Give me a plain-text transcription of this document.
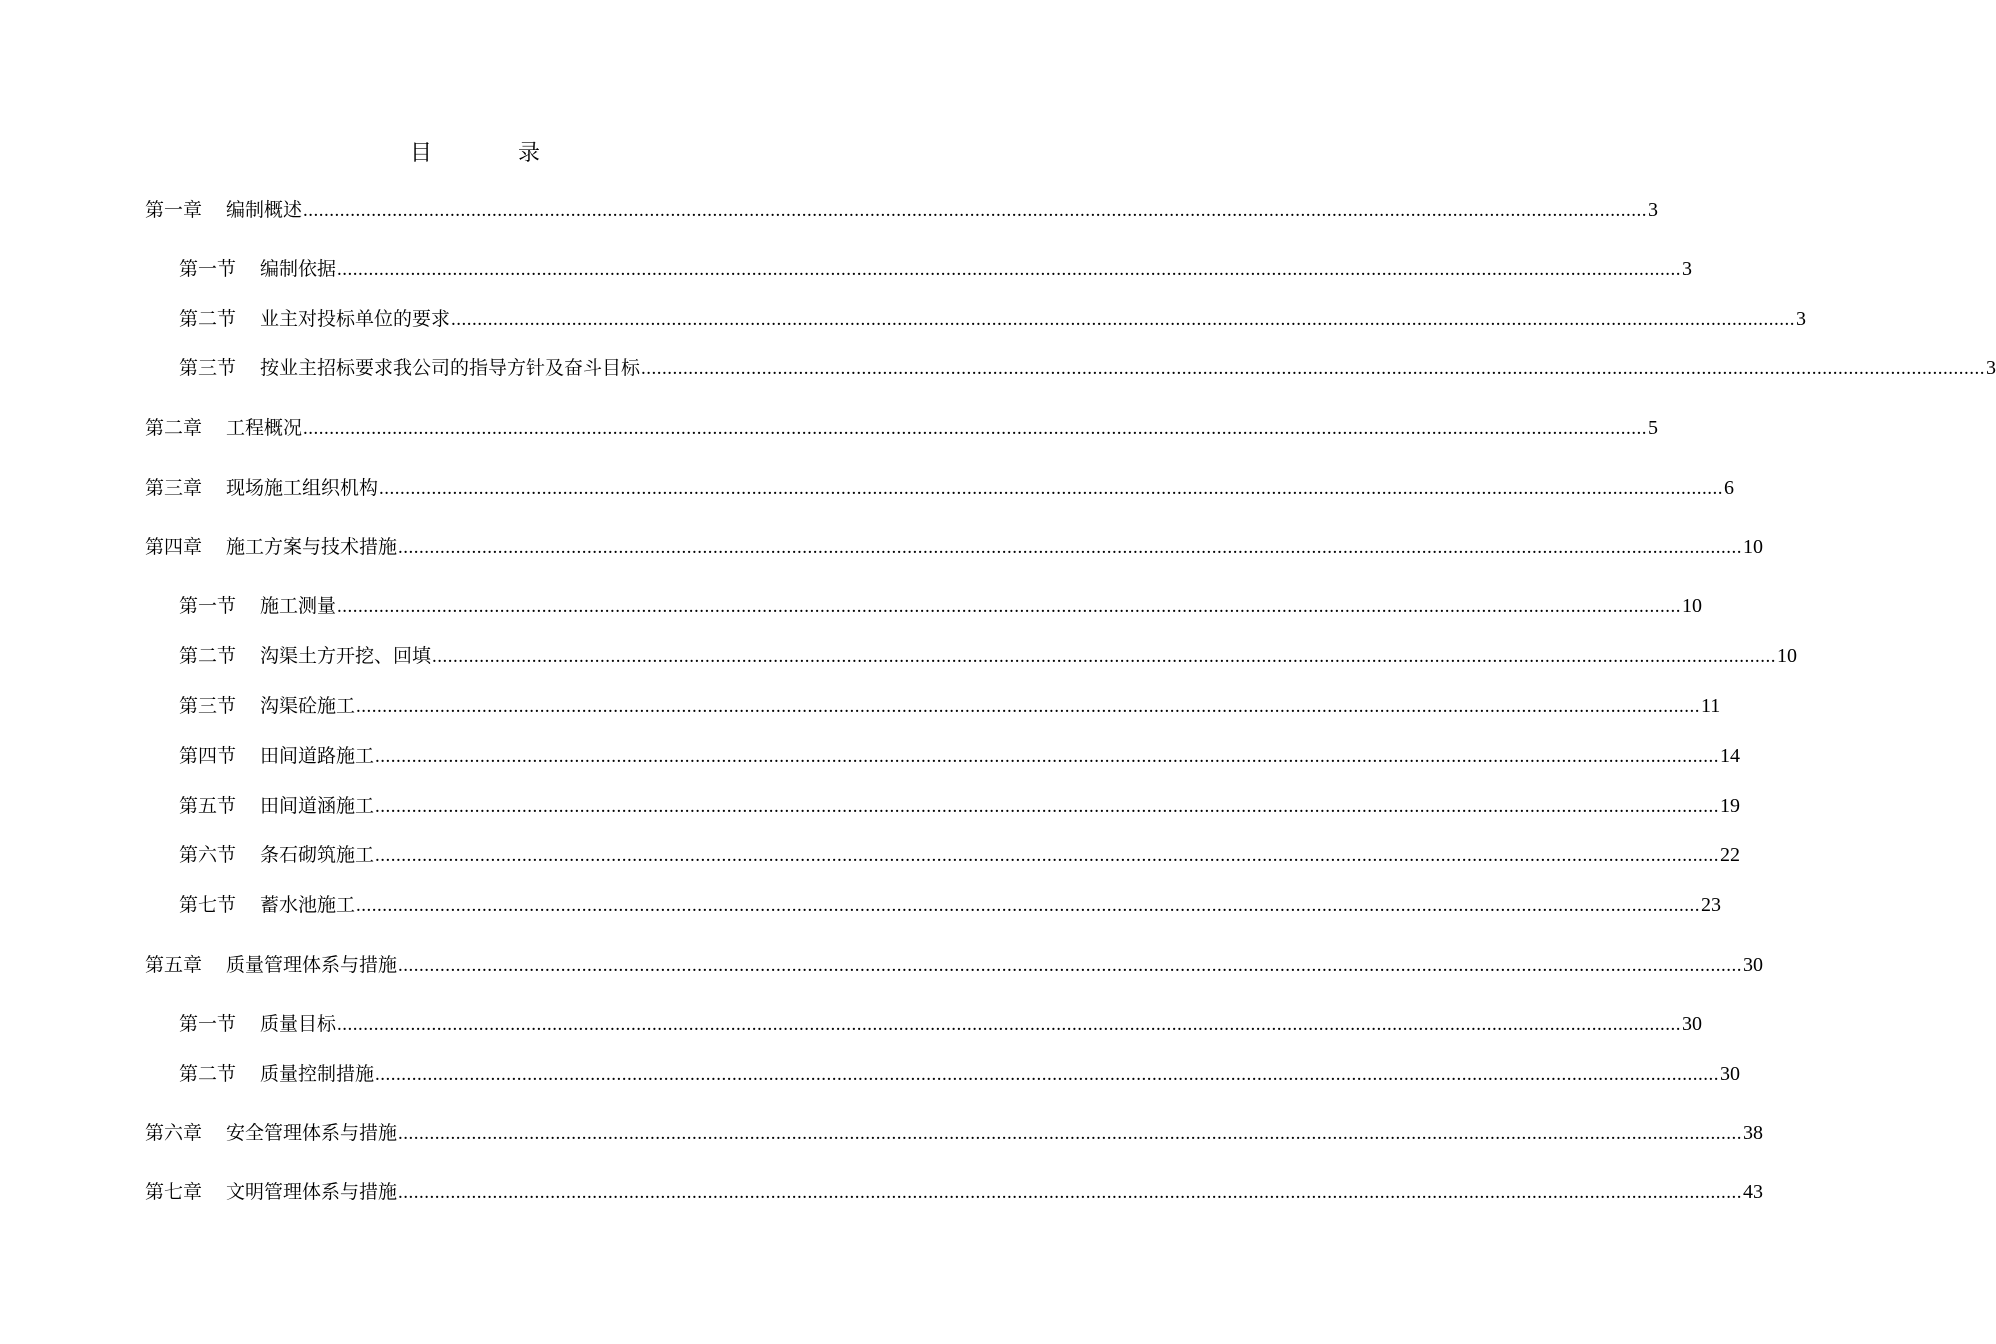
目　录
第一章 编制概述 ................................................................................................................................................................................................................................................................ 3
第一节 编制依据 ................................................................................................................................................................................................................................................................ 3
第二节 业主对投标单位的要求 ................................................................................................................................................................................................................................................................ 3
第三节 按业主招标要求我公司的指导方针及奋斗目标 ................................................................................................................................................................................................................................................................ 3
第二章 工程概况 ................................................................................................................................................................................................................................................................ 5
第三章 现场施工组织机构 ................................................................................................................................................................................................................................................................ 6
第四章 施工方案与技术措施 ................................................................................................................................................................................................................................................................ 10
第一节 施工测量 ................................................................................................................................................................................................................................................................ 10
第二节 沟渠土方开挖、回填 ................................................................................................................................................................................................................................................................ 10
第三节 沟渠砼施工 ................................................................................................................................................................................................................................................................ 11
第四节 田间道路施工 ................................................................................................................................................................................................................................................................ 14
第五节 田间道涵施工 ................................................................................................................................................................................................................................................................ 19
第六节 条石砌筑施工 ................................................................................................................................................................................................................................................................ 22
第七节 蓄水池施工 ................................................................................................................................................................................................................................................................ 23
第五章 质量管理体系与措施 ................................................................................................................................................................................................................................................................ 30
第一节 质量目标 ................................................................................................................................................................................................................................................................ 30
第二节 质量控制措施 ................................................................................................................................................................................................................................................................ 30
第六章 安全管理体系与措施 ................................................................................................................................................................................................................................................................ 38
第七章 文明管理体系与措施 ................................................................................................................................................................................................................................................................ 43
